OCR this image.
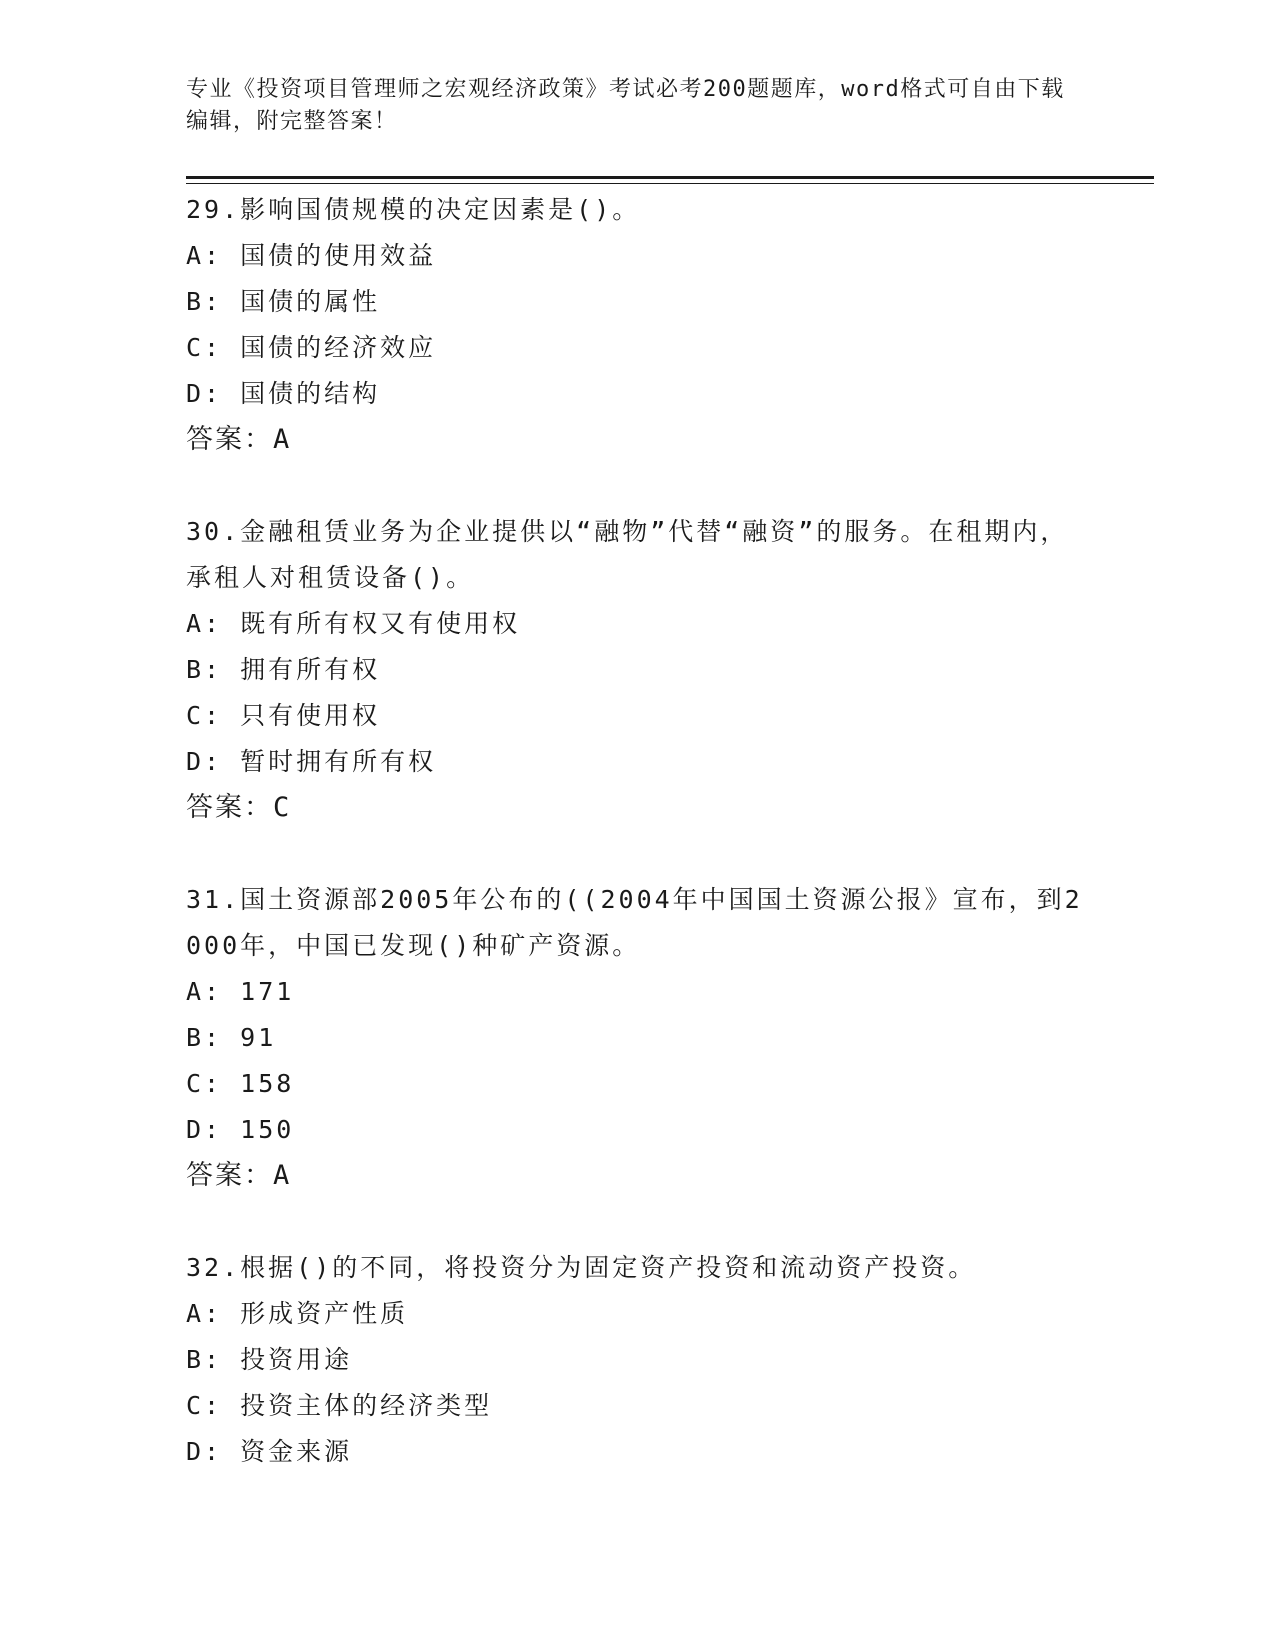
专业《投资项目管理师之宏观经济政策》考试必考200题题库，word格式可自由下载编辑，附完整答案！
29.影响国债规模的决定因素是()。
A: 国债的使用效益
B: 国债的属性
C: 国债的经济效应
D: 国债的结构
答案：A
30.金融租赁业务为企业提供以“融物”代替“融资”的服务。在租期内，承租人对租赁设备()。
A: 既有所有权又有使用权
B: 拥有所有权
C: 只有使用权
D: 暂时拥有所有权
答案：C
31.国土资源部2005年公布的((2004年中国国土资源公报》宣布，到2000年，中国已发现()种矿产资源。
A: 171
B: 91
C: 158
D: 150
答案：A
32.根据()的不同，将投资分为固定资产投资和流动资产投资。
A: 形成资产性质
B: 投资用途
C: 投资主体的经济类型
D: 资金来源
